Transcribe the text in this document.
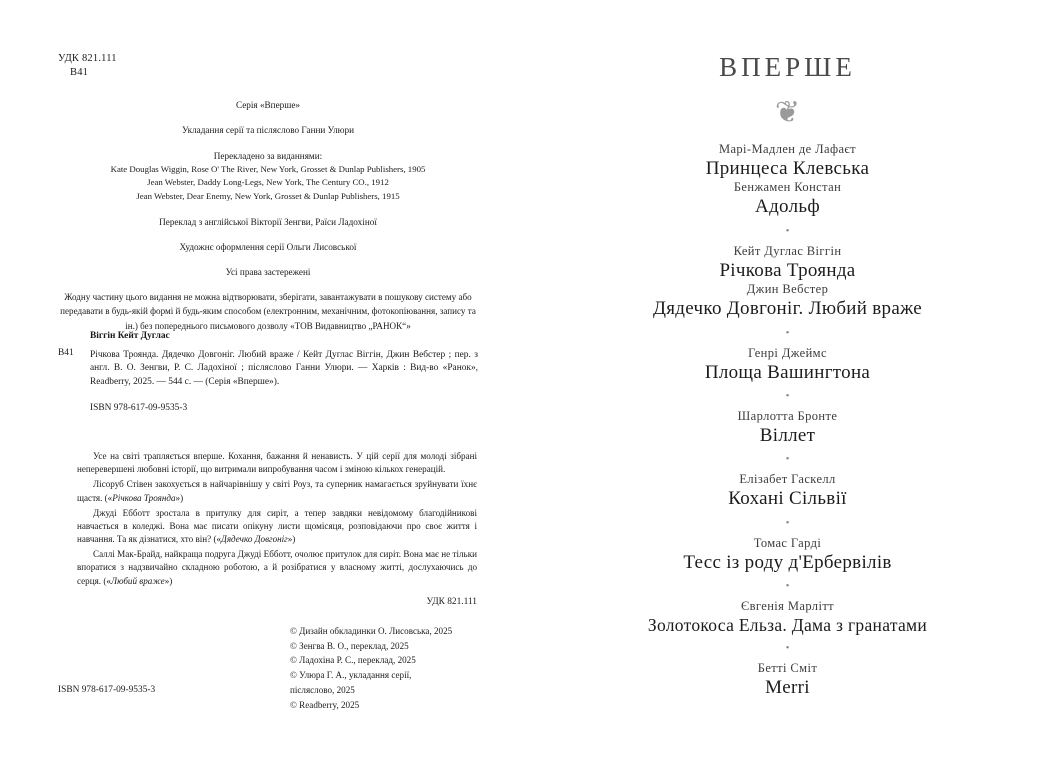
УДК 821.111
В41
Серія «Вперше»
Укладання серії та післяслово Ганни Улюри
Перекладено за виданнями:
Kate Douglas Wiggin, Rose O' The River, New York, Grosset & Dunlap Publishers, 1905
Jean Webster, Daddy Long-Legs, New York, The Century CO., 1912
Jean Webster, Dear Enemy, New York, Grosset & Dunlap Publishers, 1915
Переклад з англійської Вікторії Зенгви, Раїси Ладохіної
Художнє оформлення серії Ольги Лисовської
Усі права застережені
Жодну частину цього видання не можна відтворювати, зберігати, завантажувати в пошукову систему або передавати в будь-якій формі й будь-яким способом (електронним, механічним, фотокопіювання, запису та ін.) без попереднього письмового дозволу «ТОВ Видавництво „РАНОК“»
В41
Віггін Кейт Дуглас
Річкова Троянда. Дядечко Довгоніг. Любий враже / Кейт Дуглас Віггін, Джин Вебстер ; пер. з англ. В. О. Зенгви, Р. С. Ладохіної ; післяслово Ганни Улюри. — Харків : Вид-во «Ранок», Readberry, 2025. — 544 с. — (Серія «Вперше»).
ISBN 978-617-09-9535-3

Усе на світі трапляється вперше. Кохання, бажання й ненависть. У цій серії для молоді зібрані неперевершені любовні історії, що витримали випробування часом і зміною кількох генерацій.

Лісоруб Стівен закохується в найчарівнішу у світі Роуз, та суперник намагається зруйнувати їхнє щастя. («Річкова Троянда»)

Джуді Ебботт зростала в притулку для сиріт, а тепер завдяки невідомому благодійникові навчається в коледжі. Вона має писати опікуну листи щомісяця, розповідаючи про своє життя і навчання. Та як дізнатися, хто він? («Дядечко Довгоніг»)

Саллі Мак-Брайд, найкраща подруга Джуді Ебботт, очолює притулок для сиріт. Вона має не тільки впоратися з надзвичайно складною роботою, а й розібратися у власному житті, дослухаючись до серця. («Любий враже»)

УДК 821.111
© Дизайн обкладинки О. Лисовська, 2025
© Зенгва В. О., переклад, 2025
© Ладохіна Р. С., переклад, 2025
© Улюра Г. А., укладання серії,
післяслово, 2025
© Readberry, 2025
ISBN 978-617-09-9535-3
ВПЕРШЕ
❦
Марі-Мадлен де Лафаєт
Принцеса Клевська
Бенжамен Констан
Адольф
•
Кейт Дуглас Віггін
Річкова Троянда
Джин Вебстер
Дядечко Довгоніг. Любий враже
•
Генрі Джеймс
Площа Вашингтона
•
Шарлотта Бронте
Віллет
•
Елізабет Гаскелл
Кохані Сільвії
•
Томас Гарді
Тесс із роду д'Ербервілів
•
Євгенія Марлітт
Золотокоса Ельза. Дама з гранатами
•
Бетті Сміт
Merri
